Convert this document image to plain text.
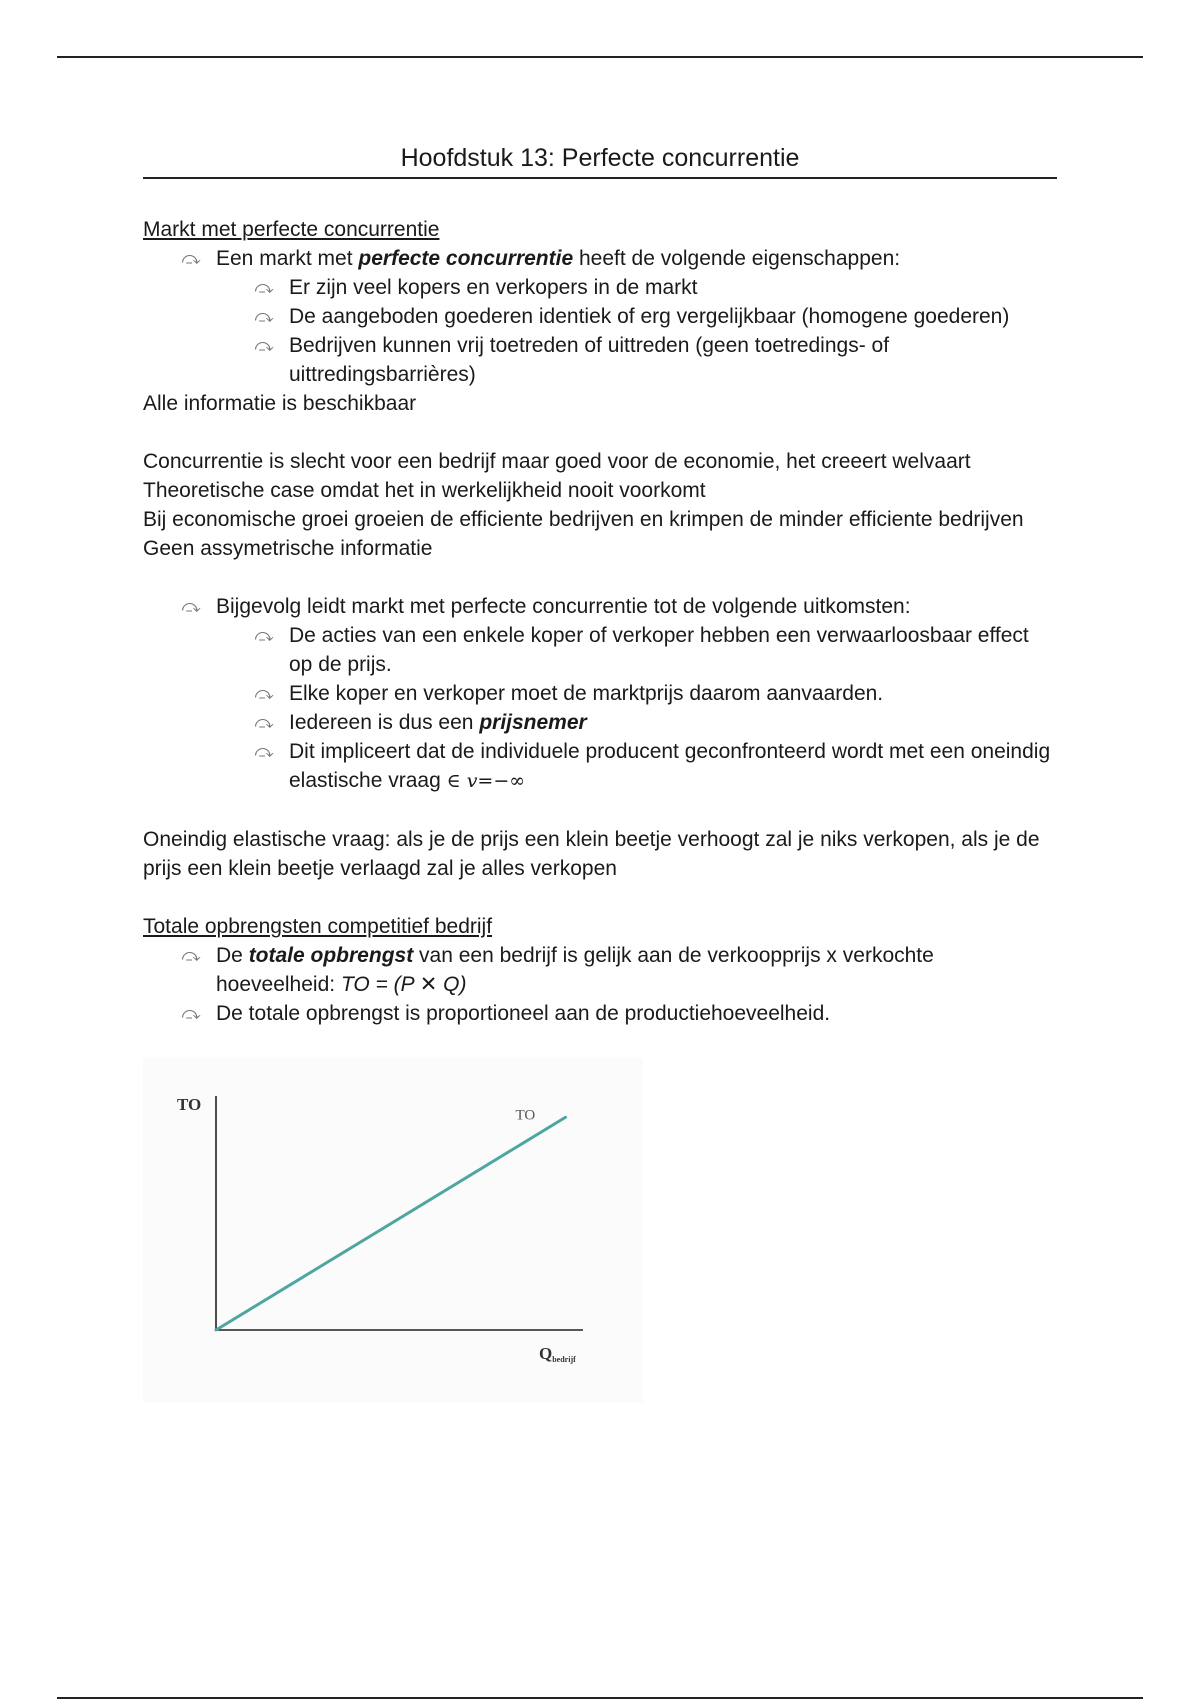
Hoofdstuk 13: Perfecte concurrentie
Markt met perfecte concurrentie
⤼ Een markt met perfecte concurrentie heeft de volgende eigenschappen:
⤼ Er zijn veel kopers en verkopers in de markt
⤼ De aangeboden goederen identiek of erg vergelijkbaar (homogene goederen)
⤼ Bedrijven kunnen vrij toetreden of uittreden (geen toetredings- of uittredingsbarrières)
Alle informatie is beschikbaar
Concurrentie is slecht voor een bedrijf maar goed voor de economie, het creeert welvaart
Theoretische case omdat het in werkelijkheid nooit voorkomt
Bij economische groei groeien de efficiente bedrijven en krimpen de minder efficiente bedrijven
Geen assymetrische informatie
⤼ Bijgevolg leidt markt met perfecte concurrentie tot de volgende uitkomsten:
⤼ De acties van een enkele koper of verkoper hebben een verwaarloosbaar effect op de prijs.
⤼ Elke koper en verkoper moet de marktprijs daarom aanvaarden.
⤼ Iedereen is dus een prijsnemer
⤼ Dit impliceert dat de individuele producent geconfronteerd wordt met een oneindig elastische vraag ∈ v=−∞
Oneindig elastische vraag: als je de prijs een klein beetje verhoogt zal je niks verkopen, als je de prijs een klein beetje verlaagd zal je alles verkopen
Totale opbrengsten competitief bedrijf
⤼ De totale opbrengst van een bedrijf is gelijk aan de verkoopprijs x verkochte hoeveelheid: TO = (P ✕ Q)
⤼ De totale opbrengst is proportioneel aan de productiehoeveelheid.
TO
TO
Qbedrijf
